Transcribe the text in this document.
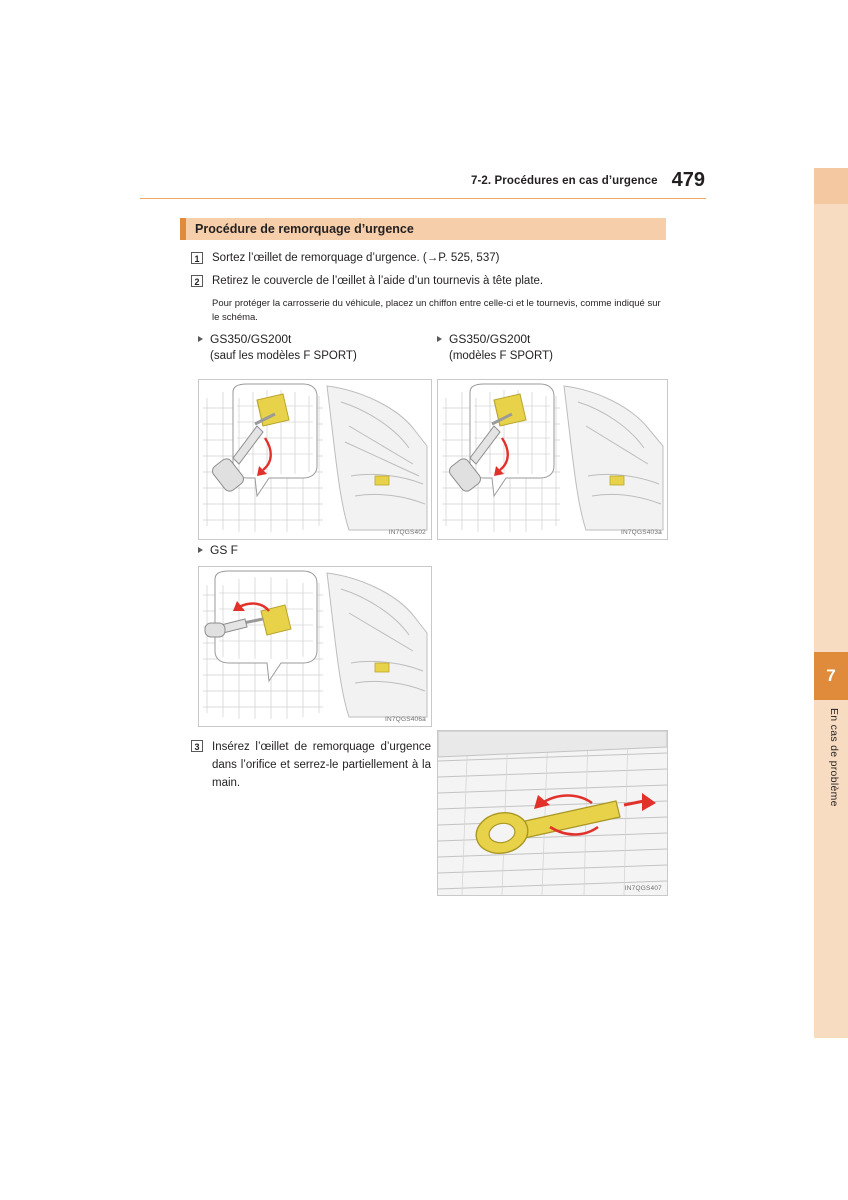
7
En cas de problème
7-2. Procédures en cas d’urgence 479
Procédure de remorquage d’urgence
1	Sortez l’œillet de remorquage d’urgence. (→P. 525, 537)
2	Retirez le couvercle de l’œillet à l’aide d’un tournevis à tête plate.
Pour protéger la carrosserie du véhicule, placez un chiffon entre celle-ci et le tournevis, comme indiqué sur le schéma.
GS350/GS200t
(sauf les modèles F SPORT)
GS350/GS200t
(modèles F SPORT)
GS F
IN7QGS402	IN7QGS403a
IN7QGS406a
3	Insérez l’œillet de remorquage d’urgence dans l’orifice et serrez-le partiellement à la main.
IN7QGS407
